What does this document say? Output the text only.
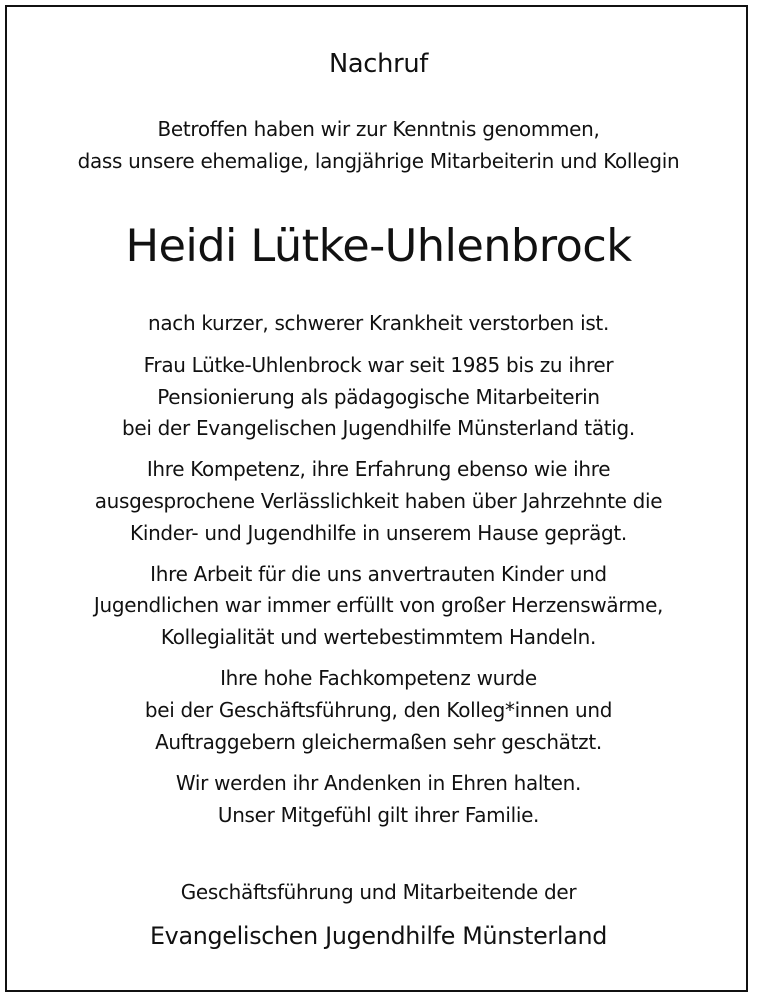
Nachruf
Betroffen haben wir zur Kenntnis genommen,
dass unsere ehemalige, langjährige Mitarbeiterin und Kollegin
Heidi Lütke-Uhlenbrock
nach kurzer, schwerer Krankheit verstorben ist.
Frau Lütke-Uhlenbrock war seit 1985 bis zu ihrer
Pensionierung als pädagogische Mitarbeiterin
bei der Evangelischen Jugendhilfe Münsterland tätig.
Ihre Kompetenz, ihre Erfahrung ebenso wie ihre
ausgesprochene Verlässlichkeit haben über Jahrzehnte die
Kinder- und Jugendhilfe in unserem Hause geprägt.
Ihre Arbeit für die uns anvertrauten Kinder und
Jugendlichen war immer erfüllt von großer Herzenswärme,
Kollegialität und wertebestimmtem Handeln.
Ihre hohe Fachkompetenz wurde
bei der Geschäftsführung, den Kolleg*innen und
Auftraggebern gleichermaßen sehr geschätzt.
Wir werden ihr Andenken in Ehren halten.
Unser Mitgefühl gilt ihrer Familie.
Geschäftsführung und Mitarbeitende der
Evangelischen Jugendhilfe Münsterland
